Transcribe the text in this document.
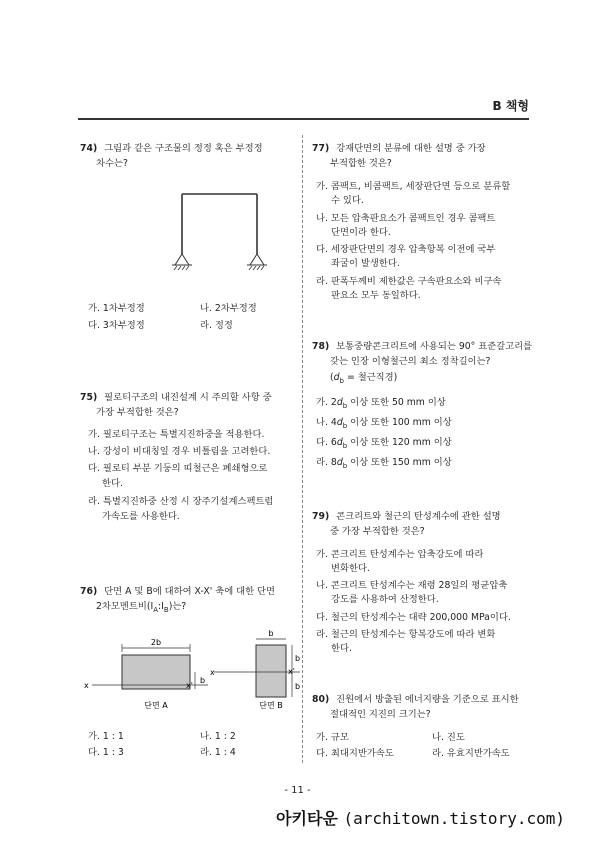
B 책형
74) 그림과 같은 구조물의 정정 혹은 부정정
차수는?
가. 1차부정정	나. 2차부정정
다. 3차부정정	라. 정정
75) 필로티구조의 내진설계 시 주의할 사항 중
가장 부적합한 것은?
가. 필로티구조는 특별지진하중을 적용한다.
나. 강성이 비대칭일 경우 비틀림을 고려한다.
다. 필로티 부분 기둥의 띠철근은 폐쇄형으로
한다.
라. 특별지진하중 산정 시 장주기설계스펙트럼
가속도를 사용한다.
76) 단면 A 및 B에 대하여 X-X' 축에 대한 단면
2차모멘트비$(I_A:I_B)$는?
2b
b
x	x'
단면 A
b
b
b
x	x'
단면 B
가. 1 : 1	나. 1 : 2
다. 1 : 3	라. 1 : 4
77) 강재단면의 분류에 대한 설명 중 가장
부적합한 것은?
가. 콤팩트, 비콤팩트, 세장판단면 등으로 분류할
수 있다.
나. 모든 압축판요소가 콤팩트인 경우 콤팩트
단면이라 한다.
다. 세장판단면의 경우 압축항복 이전에 국부
좌굴이 발생한다.
라. 판폭두께비 제한값은 구속판요소와 비구속
판요소 모두 동일하다.
78) 보통중량콘크리트에 사용되는 90° 표준갈고리를
갖는 인장 이형철근의 최소 정착길이는?
($d_b$ = 철근직경)
가. $2d_b$ 이상 또한 50 mm 이상
나. $4d_b$ 이상 또한 100 mm 이상
다. $6d_b$ 이상 또한 120 mm 이상
라. $8d_b$ 이상 또한 150 mm 이상
79) 콘크리트와 철근의 탄성계수에 관한 설명
중 가장 부적합한 것은?
가. 콘크리트 탄성계수는 압축강도에 따라
변화한다.
나. 콘크리트 탄성계수는 재령 28일의 평균압축
강도를 사용하여 산정한다.
다. 철근의 탄성계수는 대략 200,000 MPa이다.
라. 철근의 탄성계수는 항복강도에 따라 변화
한다.
80) 진원에서 방출된 에너지량을 기준으로 표시한
절대적인 지진의 크기는?
가. 규모	나. 진도
다. 최대지반가속도	라. 유효지반가속도
- 11 -
아키타운 (architown.tistory.com)
